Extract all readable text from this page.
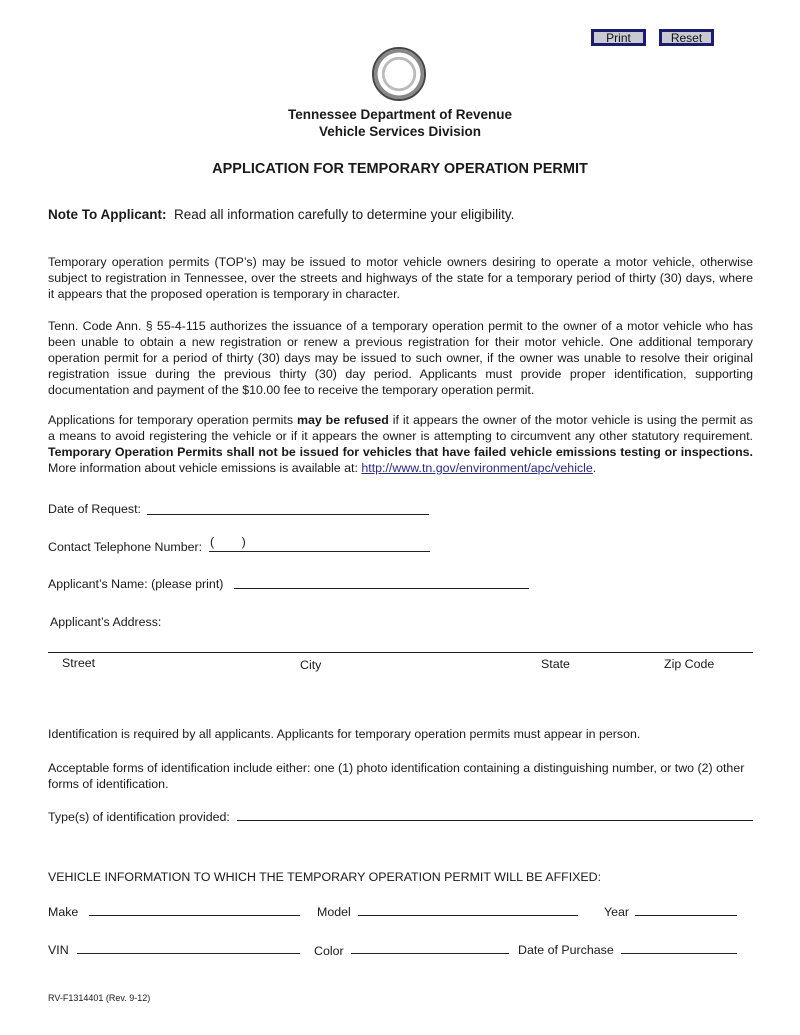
Print	Reset
Tennessee Department of Revenue
Vehicle Services Division
APPLICATION FOR TEMPORARY OPERATION PERMIT
Note To Applicant: Read all information carefully to determine your eligibility.
Temporary operation permits (TOP’s) may be issued to motor vehicle owners desiring to operate a motor vehicle, otherwise subject to registration in Tennessee, over the streets and highways of the state for a temporary period of thirty (30) days, where it appears that the proposed operation is temporary in character.
Tenn. Code Ann. § 55-4-115 authorizes the issuance of a temporary operation permit to the owner of a motor vehicle who has been unable to obtain a new registration or renew a previous registration for their motor vehicle. One additional temporary operation permit for a period of thirty (30) days may be issued to such owner, if the owner was unable to resolve their original registration issue during the previous thirty (30) day period. Applicants must provide proper identification, supporting documentation and payment of the $10.00 fee to receive the temporary operation permit.
Applications for temporary operation permits may be refused if it appears the owner of the motor vehicle is using the permit as a means to avoid registering the vehicle or if it appears the owner is attempting to circumvent any other statutory requirement. Temporary Operation Permits shall not be issued for vehicles that have failed vehicle emissions testing or inspections. More information about vehicle emissions is available at: http://www.tn.gov/environment/apc/vehicle.
Date of Request:
Contact Telephone Number: (        )
Applicant’s Name: (please print)
Applicant’s Address:
Street	City	State	Zip Code
Identification is required by all applicants. Applicants for temporary operation permits must appear in person.
Acceptable forms of identification include either: one (1) photo identification containing a distinguishing number, or two (2) other forms of identification.
Type(s) of identification provided:
VEHICLE INFORMATION TO WHICH THE TEMPORARY OPERATION PERMIT WILL BE AFFIXED:
Make	Model	Year
VIN	Color	Date of Purchase
RV-F1314401 (Rev. 9-12)
